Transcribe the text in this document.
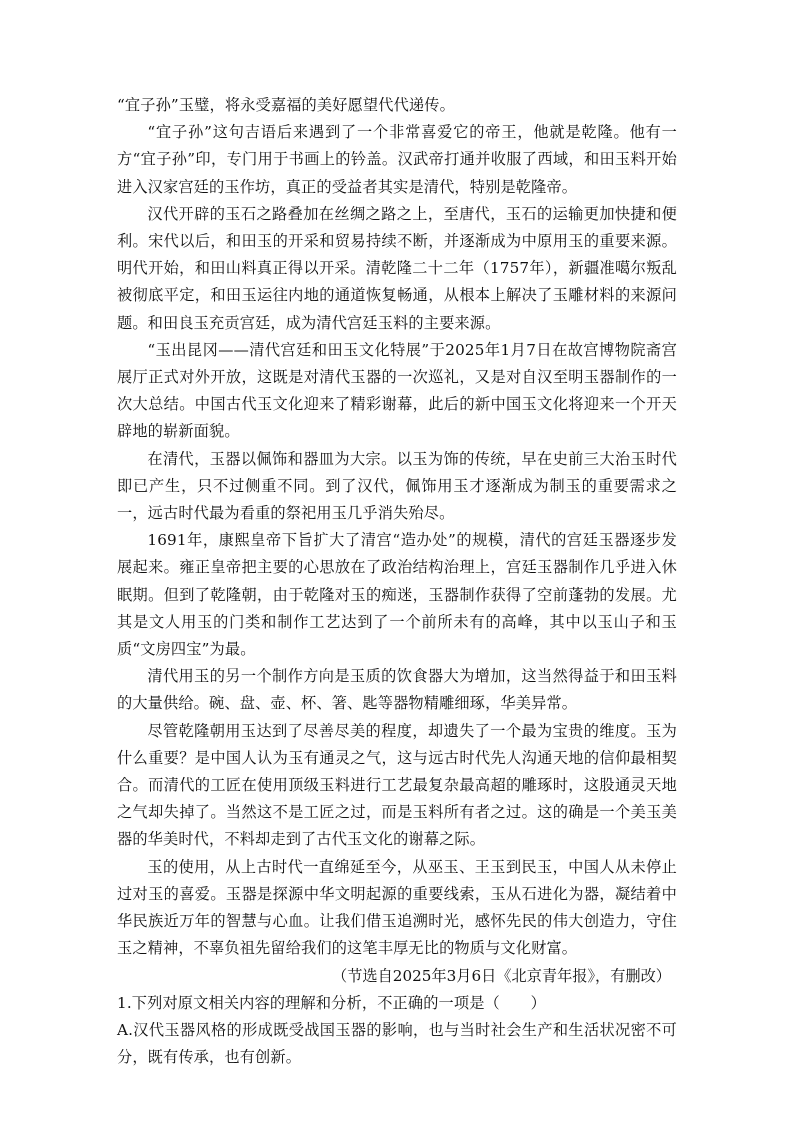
“宜子孙”玉璧，将永受嘉福的美好愿望代代递传。

“宜子孙”这句吉语后来遇到了一个非常喜爱它的帝王，他就是乾隆。他有一方“宜子孙”印，专门用于书画上的钤盖。汉武帝打通并收服了西域，和田玉料开始进入汉家宫廷的玉作坊，真正的受益者其实是清代，特别是乾隆帝。

汉代开辟的玉石之路叠加在丝绸之路之上，至唐代，玉石的运输更加快捷和便利。宋代以后，和田玉的开采和贸易持续不断，并逐渐成为中原用玉的重要来源。明代开始，和田山料真正得以开采。清乾隆二十二年（1757年），新疆准噶尔叛乱被彻底平定，和田玉运往内地的通道恢复畅通，从根本上解决了玉雕材料的来源问题。和田良玉充贡宫廷，成为清代宫廷玉料的主要来源。

“玉出昆冈——清代宫廷和田玉文化特展”于2025年1月7日在故宫博物院斋宫展厅正式对外开放，这既是对清代玉器的一次巡礼，又是对自汉至明玉器制作的一次大总结。中国古代玉文化迎来了精彩谢幕，此后的新中国玉文化将迎来一个开天辟地的崭新面貌。

在清代，玉器以佩饰和器皿为大宗。以玉为饰的传统，早在史前三大治玉时代即已产生，只不过侧重不同。到了汉代，佩饰用玉才逐渐成为制玉的重要需求之一，远古时代最为看重的祭祀用玉几乎消失殆尽。

1691年，康熙皇帝下旨扩大了清宫“造办处”的规模，清代的宫廷玉器逐步发展起来。雍正皇帝把主要的心思放在了政治结构治理上，宫廷玉器制作几乎进入休眠期。但到了乾隆朝，由于乾隆对玉的痴迷，玉器制作获得了空前蓬勃的发展。尤其是文人用玉的门类和制作工艺达到了一个前所未有的高峰，其中以玉山子和玉质“文房四宝”为最。

清代用玉的另一个制作方向是玉质的饮食器大为增加，这当然得益于和田玉料的大量供给。碗、盘、壶、杯、箸、匙等器物精雕细琢，华美异常。

尽管乾隆朝用玉达到了尽善尽美的程度，却遗失了一个最为宝贵的维度。玉为什么重要？是中国人认为玉有通灵之气，这与远古时代先人沟通天地的信仰最相契合。而清代的工匠在使用顶级玉料进行工艺最复杂最高超的雕琢时，这股通灵天地之气却失掉了。当然这不是工匠之过，而是玉料所有者之过。这的确是一个美玉美器的华美时代，不料却走到了古代玉文化的谢幕之际。

玉的使用，从上古时代一直绵延至今，从巫玉、王玉到民玉，中国人从未停止过对玉的喜爱。玉器是探源中华文明起源的重要线索，玉从石进化为器，凝结着中华民族近万年的智慧与心血。让我们借玉追溯时光，感怀先民的伟大创造力，守住玉之精神，不辜负祖先留给我们的这笔丰厚无比的物质与文化财富。

（节选自2025年3月6日《北京青年报》，有删改）

1.下列对原文相关内容的理解和分析，不正确的一项是（　　）

A.汉代玉器风格的形成既受战国玉器的影响，也与当时社会生产和生活状况密不可分，既有传承，也有创新。
